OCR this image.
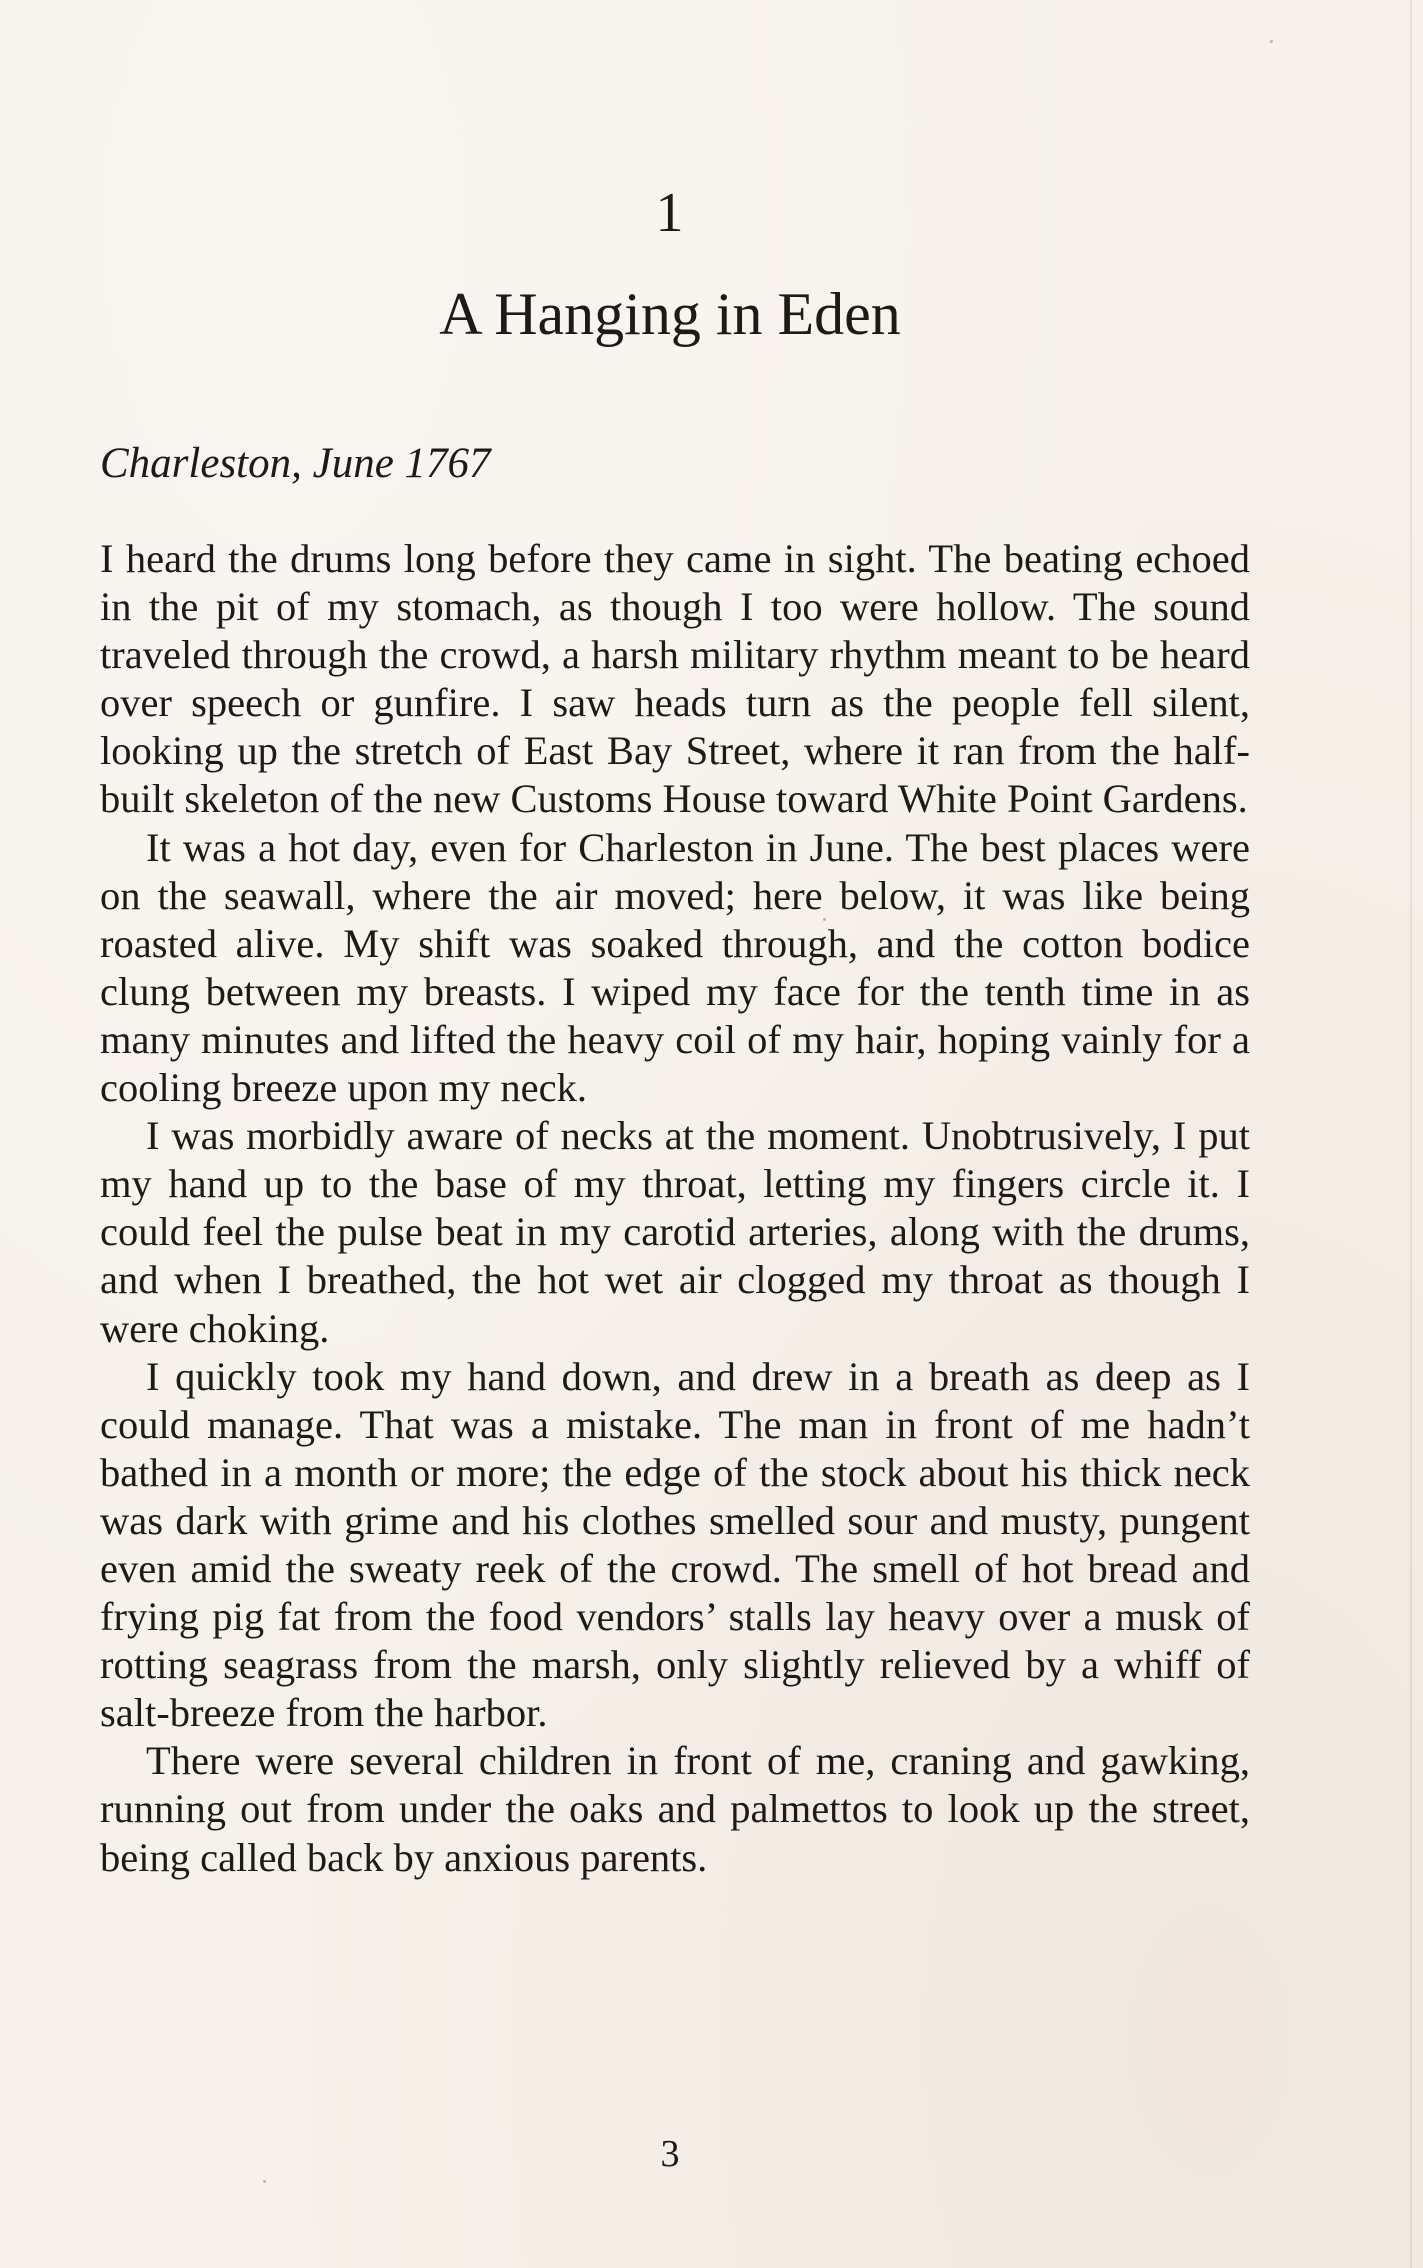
1
A Hanging in Eden
Charleston, June 1767

I heard the drums long before they came in sight. The beating echoed in the pit of my stomach, as though I too were hollow. The sound traveled through the crowd, a harsh military rhythm meant to be heard over speech or gunfire. I saw heads turn as the people fell silent, looking up the stretch of East Bay Street, where it ran from the half-built skeleton of the new Customs House toward White Point Gardens.

It was a hot day, even for Charleston in June. The best places were on the seawall, where the air moved; here below, it was like being roasted alive. My shift was soaked through, and the cotton bodice clung between my breasts. I wiped my face for the tenth time in as many minutes and lifted the heavy coil of my hair, hoping vainly for a cooling breeze upon my neck.

I was morbidly aware of necks at the moment. Unobtrusively, I put my hand up to the base of my throat, letting my fingers circle it. I could feel the pulse beat in my carotid arteries, along with the drums, and when I breathed, the hot wet air clogged my throat as though I were choking.

I quickly took my hand down, and drew in a breath as deep as I could manage. That was a mistake. The man in front of me hadn’t bathed in a month or more; the edge of the stock about his thick neck was dark with grime and his clothes smelled sour and musty, pungent even amid the sweaty reek of the crowd. The smell of hot bread and frying pig fat from the food vendors’ stalls lay heavy over a musk of rotting seagrass from the marsh, only slightly relieved by a whiff of salt-breeze from the harbor.

There were several children in front of me, craning and gawking, running out from under the oaks and palmettos to look up the street, being called back by anxious parents.

3
